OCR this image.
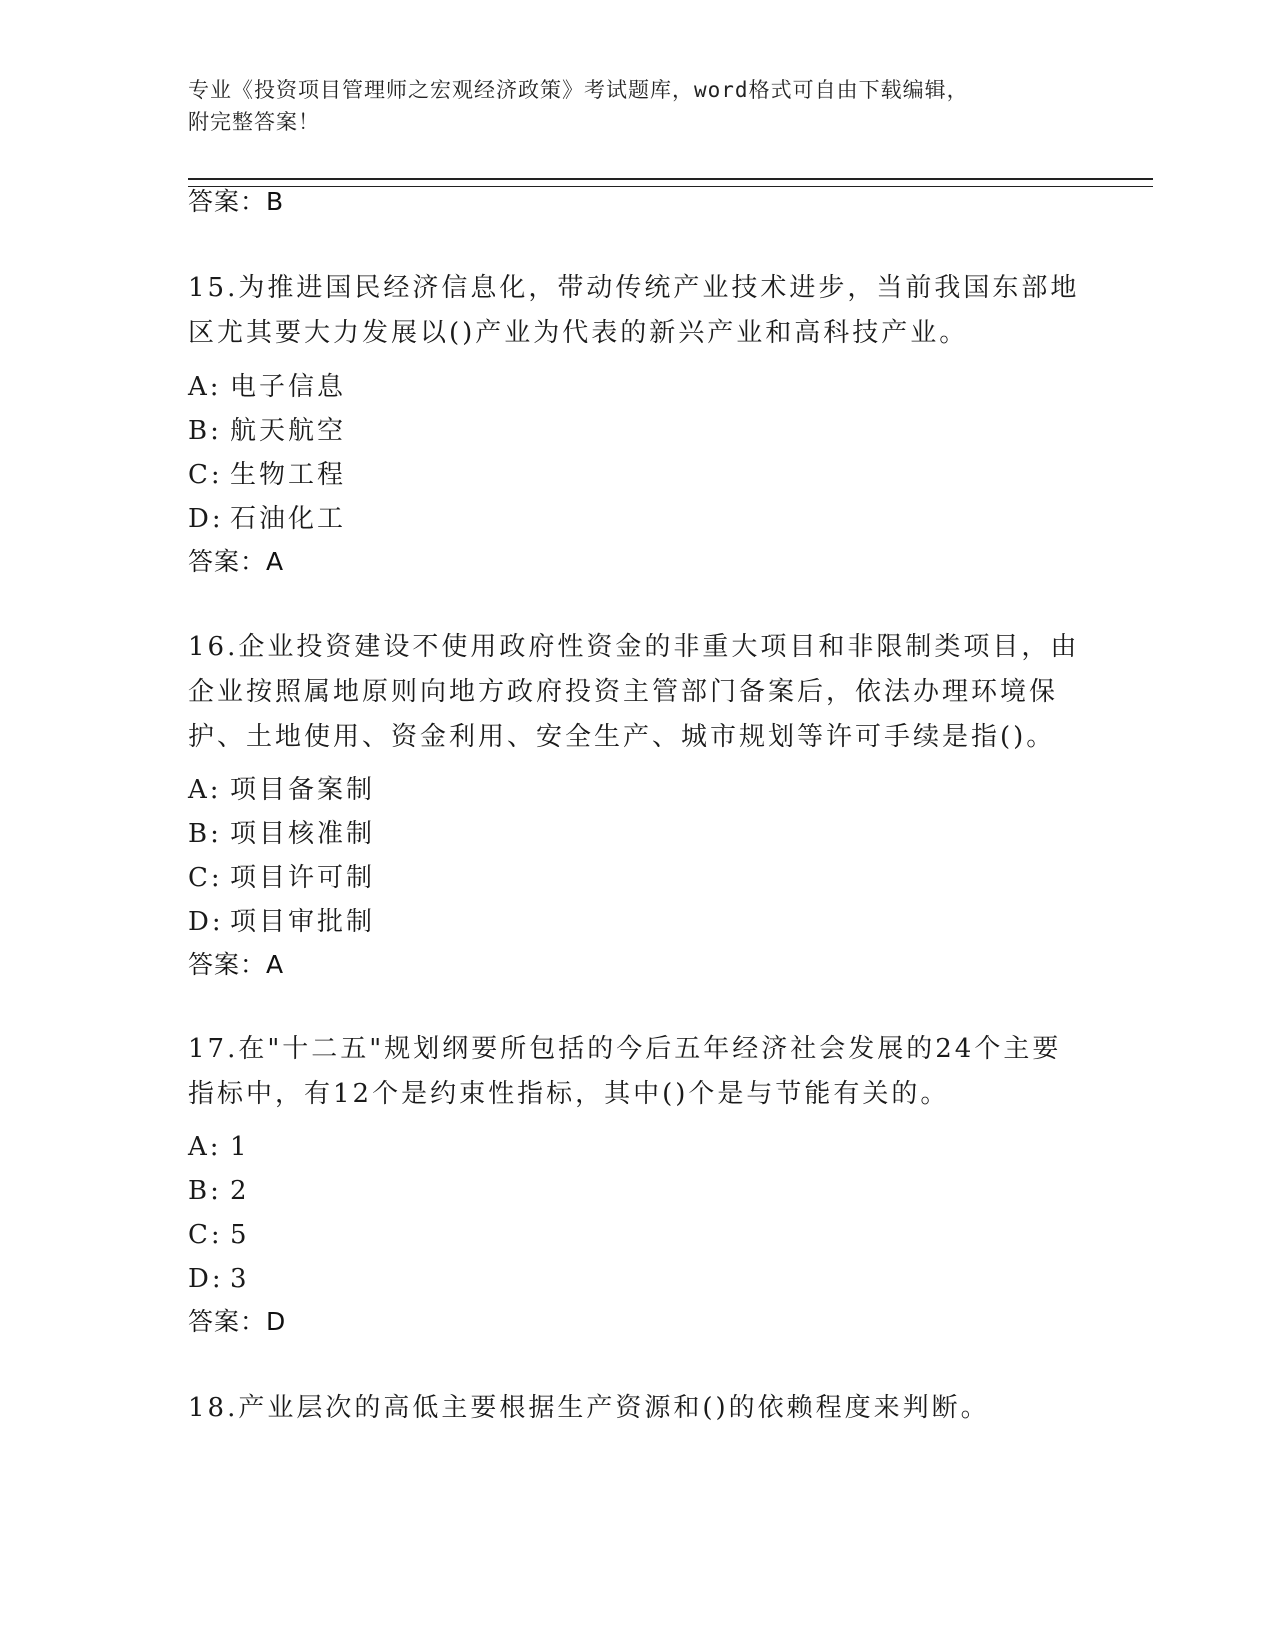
专业《投资项目管理师之宏观经济政策》考试题库，word格式可自由下载编辑，
附完整答案！
答案：B
15.为推进国民经济信息化，带动传统产业技术进步，当前我国东部地
区尤其要大力发展以()产业为代表的新兴产业和高科技产业。
A: 电子信息
B: 航天航空
C: 生物工程
D: 石油化工
答案：A
16.企业投资建设不使用政府性资金的非重大项目和非限制类项目，由
企业按照属地原则向地方政府投资主管部门备案后，依法办理环境保
护、土地使用、资金利用、安全生产、城市规划等许可手续是指()。
A: 项目备案制
B: 项目核准制
C: 项目许可制
D: 项目审批制
答案：A
17.在"十二五"规划纲要所包括的今后五年经济社会发展的24个主要
指标中，有12个是约束性指标，其中()个是与节能有关的。
A: 1
B: 2
C: 5
D: 3
答案：D
18.产业层次的高低主要根据生产资源和()的依赖程度来判断。
